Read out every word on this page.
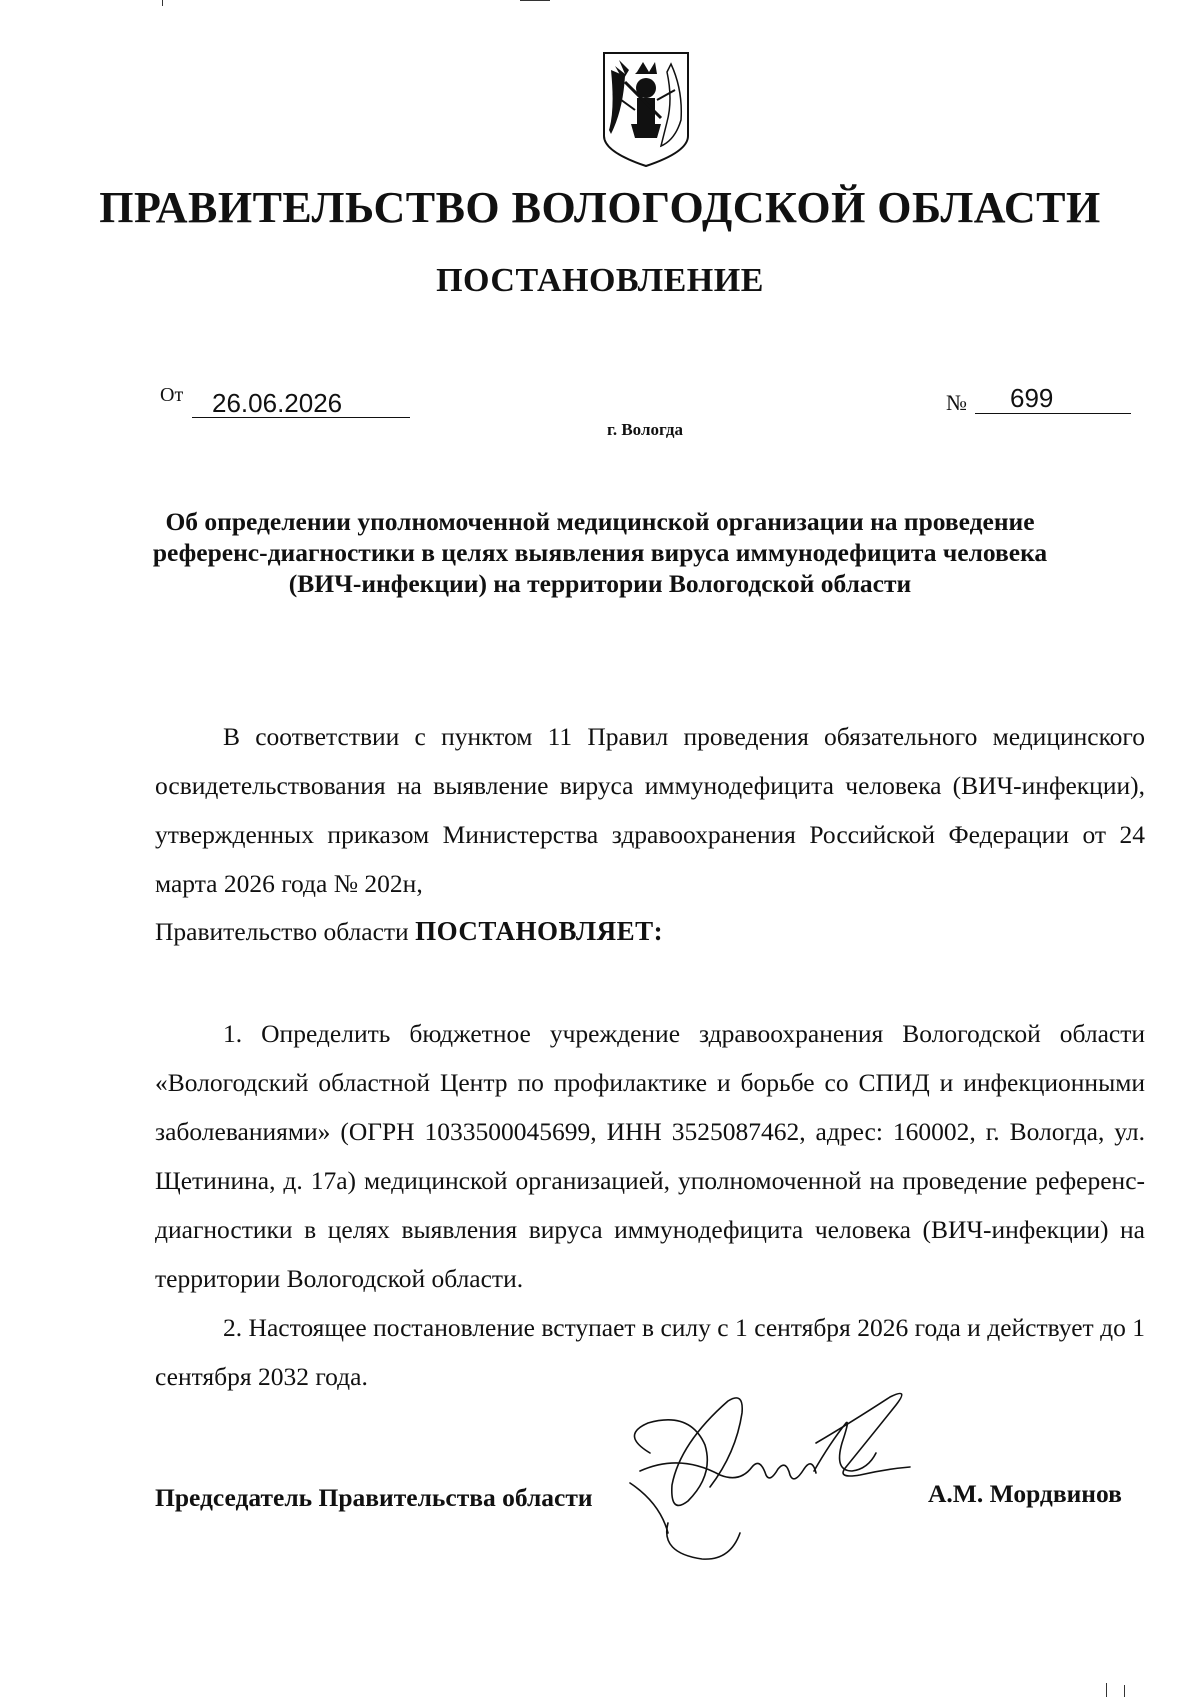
ПРАВИТЕЛЬСТВО ВОЛОГОДСКОЙ ОБЛАСТИ
ПОСТАНОВЛЕНИЕ
От 26.06.2026	№ 699
г. Вологда
Об определении уполномоченной медицинской организации на проведение референс-диагностики в целях выявления вируса иммунодефицита человека (ВИЧ-инфекции) на территории Вологодской области

В соответствии с пунктом 11 Правил проведения обязательного медицинского освидетельствования на выявление вируса иммунодефицита человека (ВИЧ-инфекции), утвержденных приказом Министерства здравоохранения Российской Федерации от 24 марта 2026 года № 202н,

Правительство области ПОСТАНОВЛЯЕТ:

1. Определить бюджетное учреждение здравоохранения Вологодской области «Вологодский областной Центр по профилактике и борьбе со СПИД и инфекционными заболеваниями» (ОГРН 1033500045699, ИНН 3525087462, адрес: 160002, г. Вологда, ул. Щетинина, д. 17а) медицинской организацией, уполномоченной на проведение референс-диагностики в целях выявления вируса иммунодефицита человека (ВИЧ-инфекции) на территории Вологодской области.

2. Настоящее постановление вступает в силу с 1 сентября 2026 года и действует до 1 сентября 2032 года.

Председатель Правительства области	А.М. Мордвинов
